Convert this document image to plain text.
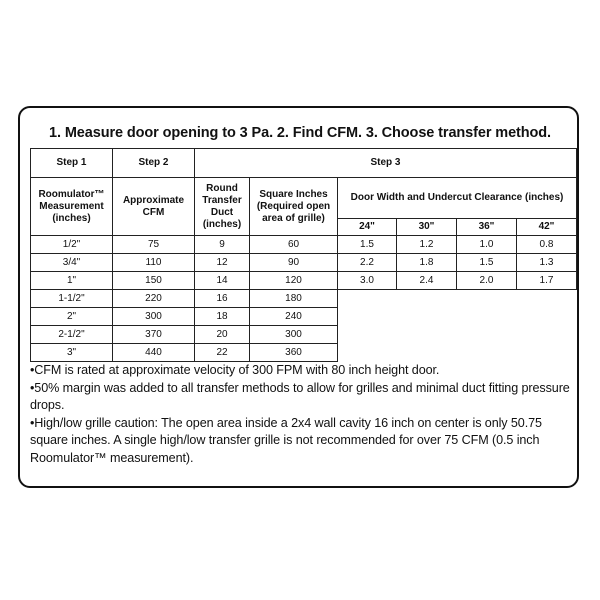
1. Measure door opening to 3 Pa. 2. Find CFM. 3. Choose transfer method.
Step 1	Step 2	Step 3					
Roomulator™ Measurement (inches)	Approximate CFM	Round Transfer Duct (inches)	Square Inches (Required open area of grille)	Door Width and Undercut Clearance (inches)			
				24"	30"	36"	42"
1/2"	75	9	60	1.5	1.2	1.0	0.8
3/4"	110	12	90	2.2	1.8	1.5	1.3
1"	150	14	120	3.0	2.4	2.0	1.7
1-1/2"	220	16	180				
2"	300	18	240				
2-1/2"	370	20	300				
3"	440	22	360				

•CFM is rated at approximate velocity of 300 FPM with 80 inch height door.

•50% margin was added to all transfer methods to allow for grilles and minimal duct fitting pressure drops.

•High/low grille caution: The open area inside a 2x4 wall cavity 16 inch on center is only 50.75 square inches. A single high/low transfer grille is not recommended for over 75 CFM (0.5 inch Roomulator™ measurement).
